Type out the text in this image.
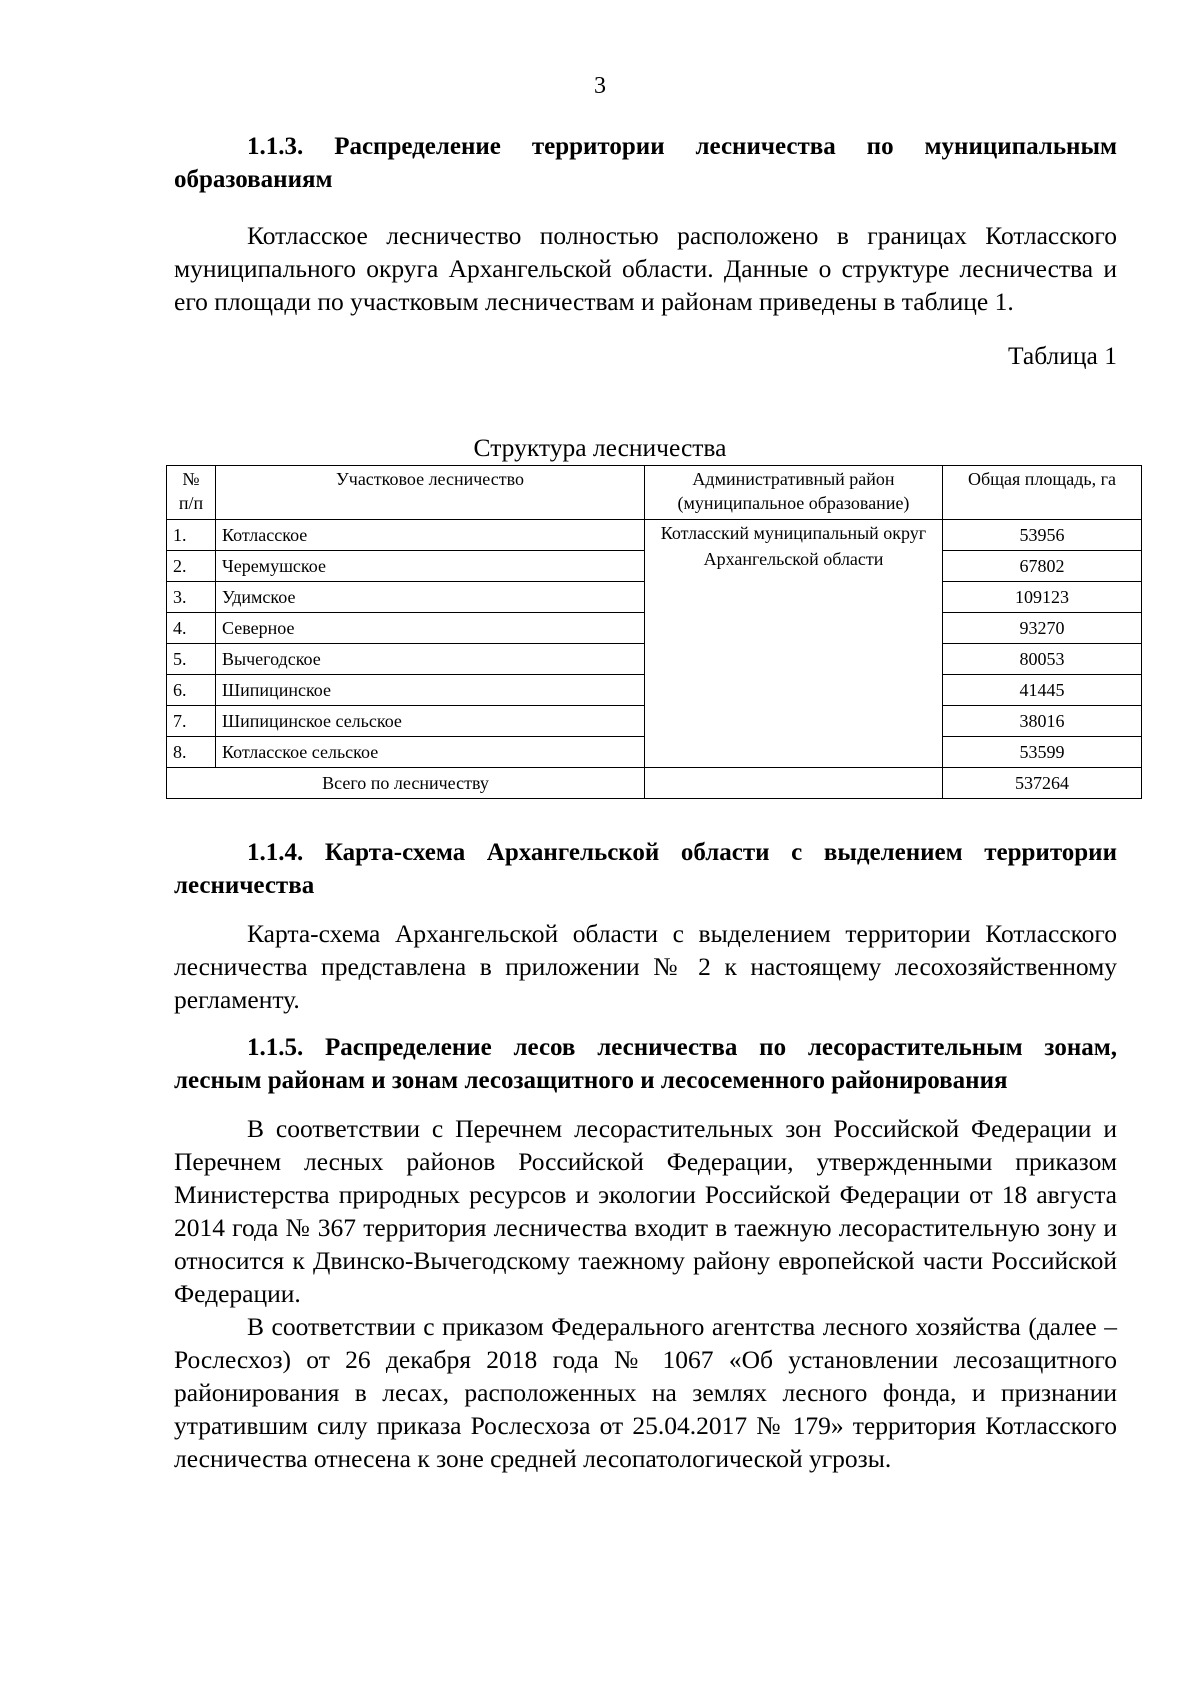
3
1.1.3. Распределение территории лесничества по муниципальным образованиям

Котласское лесничество полностью расположено в границах Котласского муниципального округа Архангельской области. Данные о структуре лесничества и его площади по участковым лесничествам и районам приведены в таблице 1.

Таблица 1
Структура лесничества
№ п/п	Участковое лесничество	Административный район (муниципальное образование)	Общая площадь, га
1.	Котласское	Котласский муниципальный округ Архангельской области	53956
2.	Черемушское		67802
3.	Удимское		109123
4.	Северное		93270
5.	Вычегодское		80053
6.	Шипицинское		41445
7.	Шипицинское сельское		38016
8.	Котласское сельское		53599
Всего по лесничеству			537264
1.1.4. Карта-схема Архангельской области с выделением территории лесничества

Карта-схема Архангельской области с выделением территории Котласского лесничества представлена в приложении № 2 к настоящему лесохозяйственному регламенту.

1.1.5. Распределение лесов лесничества по лесорастительным зонам, лесным районам и зонам лесозащитного и лесосеменного районирования

В соответствии с Перечнем лесорастительных зон Российской Федерации и Перечнем лесных районов Российской Федерации, утвержденными приказом Министерства природных ресурсов и экологии Российской Федерации от 18 августа 2014 года № 367 территория лесничества входит в таежную лесорастительную зону и относится к Двинско-Вычегодскому таежному району европейской части Российской Федерации.

В соответствии с приказом Федерального агентства лесного хозяйства (далее – Рослесхоз) от 26 декабря 2018 года № 1067 «Об установлении лесозащитного районирования в лесах, расположенных на землях лесного фонда, и признании утратившим силу приказа Рослесхоза от 25.04.2017 № 179» территория Котласского лесничества отнесена к зоне средней лесопатологической угрозы.
